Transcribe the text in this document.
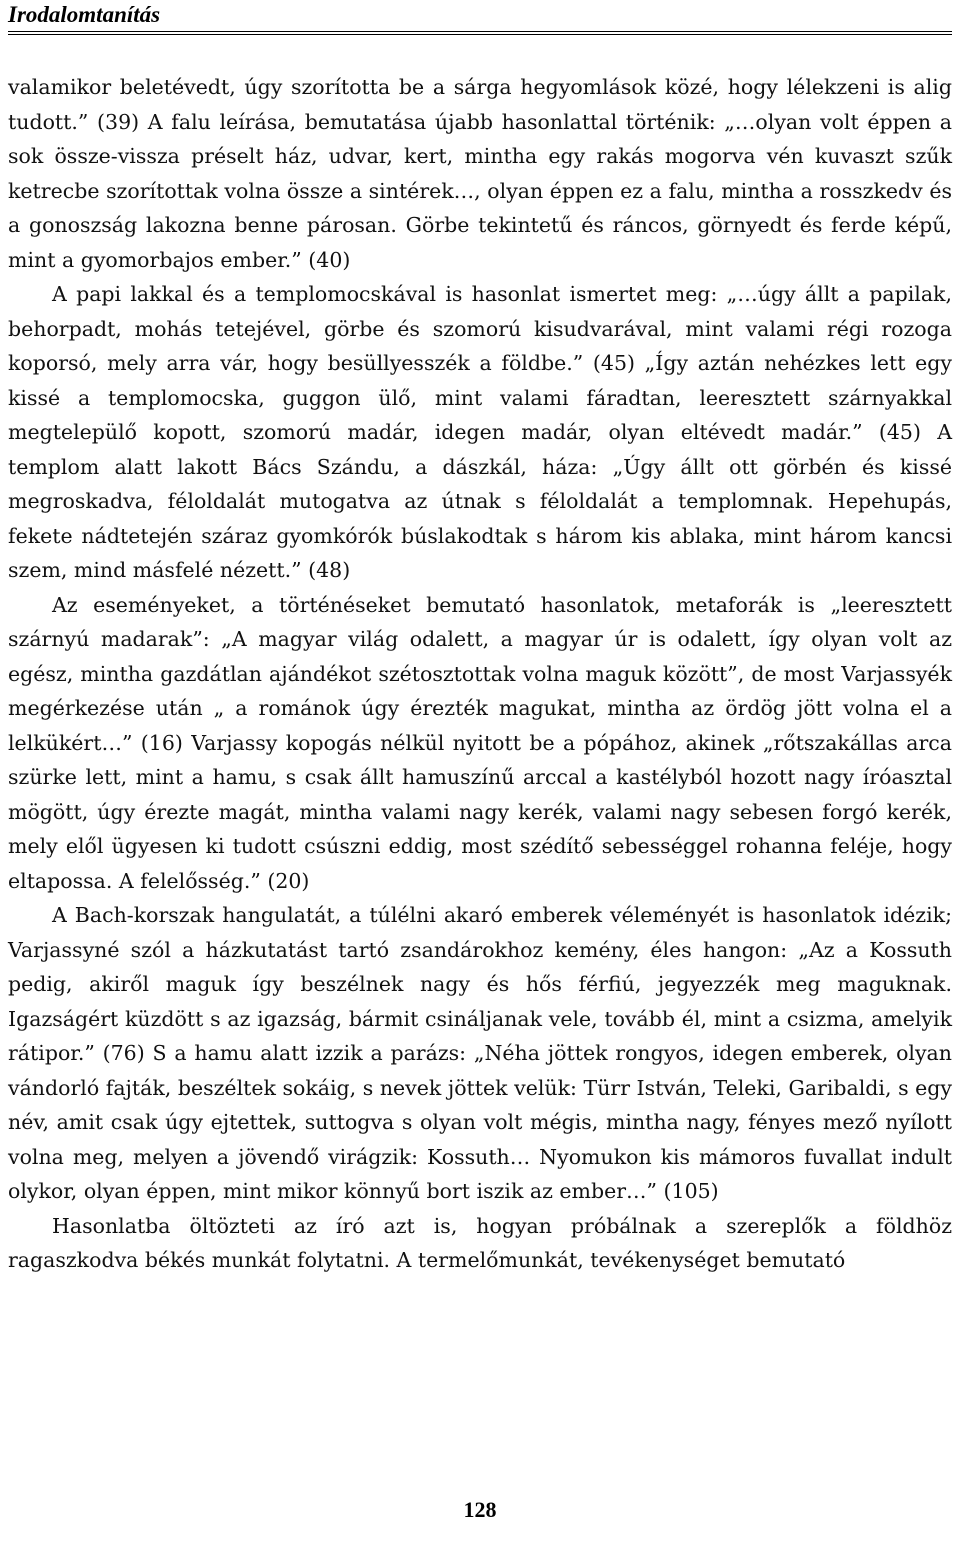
Irodalomtanítás

valamikor beletévedt, úgy szorította be a sárga hegyomlások közé, hogy lélekzeni is alig tudott.” (39) A falu leírása, bemutatása újabb hasonlattal történik: „…olyan volt éppen a sok össze-vissza préselt ház, udvar, kert, mintha egy rakás mogorva vén kuvaszt szűk ketrecbe szorítottak volna össze a sintérek…, olyan éppen ez a falu, mintha a rosszkedv és a gonoszság lakozna benne párosan. Görbe tekintetű és ráncos, görnyedt és ferde képű, mint a gyomorbajos ember.” (40)

A papi lakkal és a templomocskával is hasonlat ismertet meg: „…úgy állt a papilak, behorpadt, mohás tetejével, görbe és szomorú kisudvarával, mint valami régi rozoga koporsó, mely arra vár, hogy besüllyesszék a földbe.” (45) „Így aztán nehézkes lett egy kissé a templomocska, guggon ülő, mint valami fáradtan, leeresztett szárnyakkal megtelepülő kopott, szomorú madár, idegen madár, olyan eltévedt madár.” (45) A templom alatt lakott Bács Szándu, a dászkál, háza: „Úgy állt ott görbén és kissé megroskadva, féloldalát mutogatva az útnak s féloldalát a templomnak. Hepehupás, fekete nádtetején száraz gyomkórók búslakodtak s három kis ablaka, mint három kancsi szem, mind másfelé nézett.” (48)

Az eseményeket, a történéseket bemutató hasonlatok, metaforák is „leeresztett szárnyú madarak”: „A magyar világ odalett, a magyar úr is odalett, így olyan volt az egész, mintha gazdátlan ajándékot szétosztottak volna maguk között”, de most Varjassyék megérkezése után „ a románok úgy érezték magukat, mintha az ördög jött volna el a lelkükért…” (16) Varjassy kopogás nélkül nyitott be a pópához, akinek „rőtszakállas arca szürke lett, mint a hamu, s csak állt hamuszínű arccal a kastélyból hozott nagy íróasztal mögött, úgy érezte magát, mintha valami nagy kerék, valami nagy sebesen forgó kerék, mely elől ügyesen ki tudott csúszni eddig, most szédítő sebességgel rohanna feléje, hogy eltapossa. A felelősség.” (20)

A Bach-korszak hangulatát, a túlélni akaró emberek véleményét is hasonlatok idézik; Varjassyné szól a házkutatást tartó zsandárokhoz kemény, éles hangon: „Az a Kossuth pedig, akiről maguk így beszélnek nagy és hős férfiú, jegyezzék meg maguknak. Igazságért küzdött s az igazság, bármit csináljanak vele, tovább él, mint a csizma, amelyik rátipor.” (76) S a hamu alatt izzik a parázs: „Néha jöttek rongyos, idegen emberek, olyan vándorló fajták, beszéltek sokáig, s nevek jöttek velük: Türr István, Teleki, Garibaldi, s egy név, amit csak úgy ejtettek, suttogva s olyan volt mégis, mintha nagy, fényes mező nyílott volna meg, melyen a jövendő virágzik: Kossuth… Nyomukon kis mámoros fuvallat indult olykor, olyan éppen, mint mikor könnyű bort iszik az ember…” (105)

Hasonlatba öltözteti az író azt is, hogyan próbálnak a szereplők a földhöz ragaszkodva békés munkát folytatni. A termelőmunkát, tevékenységet bemutató

128
